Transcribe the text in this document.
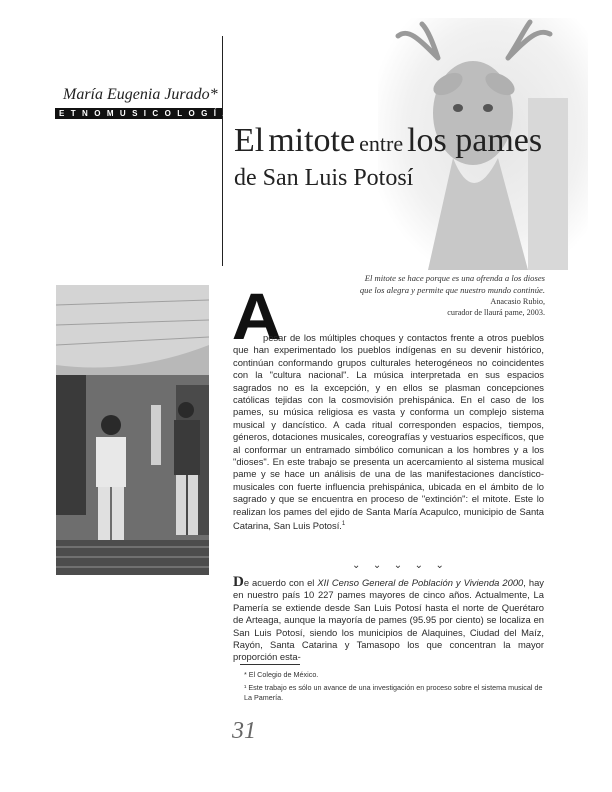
María Eugenia Jurado*
ETNOMUSICOLOGÍA
El mitote entre los pames
de San Luis Potosí
El mitote se hace porque es una ofrenda a los dioses
que los alegra y permite que nuestro mundo continúe.
Anacasio Rubio,
curador de llaurá pame, 2003.
A

pesar de los múltiples choques y contactos frente a otros pueblos que han experimentado los pueblos indígenas en su devenir histórico, continúan conformando grupos culturales heterogéneos no coincidentes con la "cultura nacional". La música interpretada en sus espacios sagrados no es la excepción, y en ellos se plasman concepciones católicas tejidas con la cosmovisión prehispánica. En el caso de los pames, su música religiosa es vasta y conforma un complejo sistema musical y dancístico. A cada ritual corresponden espacios, tiempos, géneros, dotaciones musicales, coreografías y vestuarios específicos, que al conformar un entramado simbólico comunican a los hombres y a los "dioses". En este trabajo se presenta un acercamiento al sistema musical pame y se hace un análisis de una de las manifestaciones dancístico-musicales con fuerte influencia prehispánica, ubicada en el ámbito de lo sagrado y que se encuentra en proceso de "extinción": el mitote. Este lo realizan los pames del ejido de Santa María Acapulco, municipio de Santa Catarina, San Luis Potosí.$^1$

⌄ ⌄ ⌄ ⌄ ⌄

De acuerdo con el XII Censo General de Población y Vivienda 2000, hay en nuestro país 10 227 pames mayores de cinco años. Actualmente, La Pamería se extiende desde San Luis Potosí hasta el norte de Querétaro de Arteaga, aunque la mayoría de pames (95.95 por ciento) se localiza en San Luis Potosí, siendo los municipios de Alaquines, Ciudad del Maíz, Rayón, Santa Catarina y Tamasopo los que concentran la mayor proporción esta-

* El Colegio de México.
¹ Este trabajo es sólo un avance de una investigación en proceso sobre el sistema musical de La Pamería.
31
